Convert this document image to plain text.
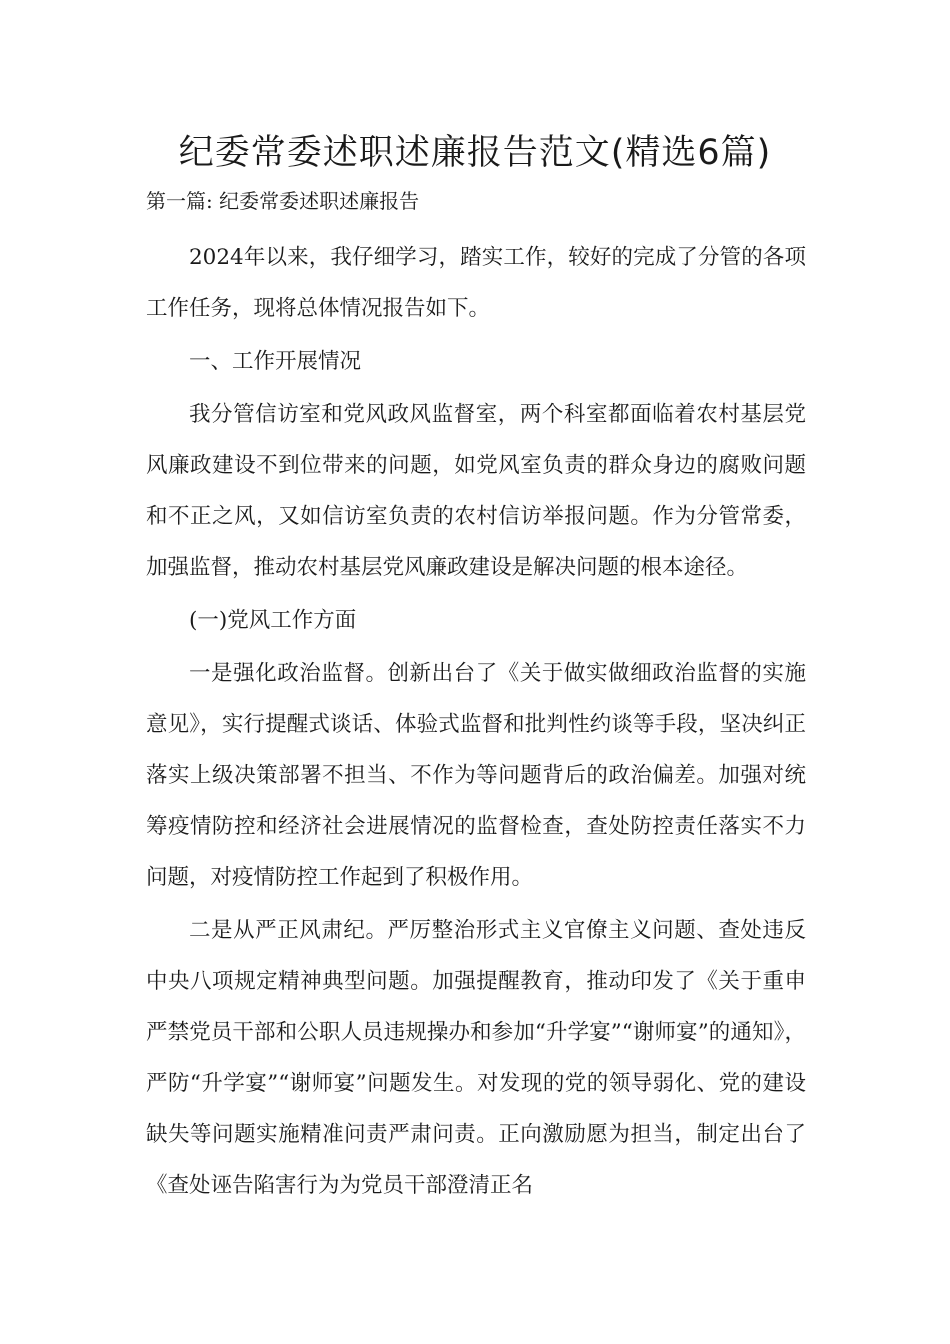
纪委常委述职述廉报告范文(精选6篇)
第一篇: 纪委常委述职述廉报告

2024年以来，我仔细学习，踏实工作，较好的完成了分管的各项工作任务，现将总体情况报告如下。

一、工作开展情况

我分管信访室和党风政风监督室，两个科室都面临着农村基层党风廉政建设不到位带来的问题，如党风室负责的群众身边的腐败问题和不正之风，又如信访室负责的农村信访举报问题。作为分管常委，加强监督，推动农村基层党风廉政建设是解决问题的根本途径。

(一)党风工作方面

一是强化政治监督。创新出台了《关于做实做细政治监督的实施意见》，实行提醒式谈话、体验式监督和批判性约谈等手段，坚决纠正落实上级决策部署不担当、不作为等问题背后的政治偏差。加强对统筹疫情防控和经济社会进展情况的监督检查，查处防控责任落实不力问题，对疫情防控工作起到了积极作用。

二是从严正风肃纪。严厉整治形式主义官僚主义问题、查处违反中央八项规定精神典型问题。加强提醒教育，推动印发了《关于重申严禁党员干部和公职人员违规操办和参加“升学宴”“谢师宴”的通知》，严防“升学宴”“谢师宴”问题发生。对发现的党的领导弱化、党的建设缺失等问题实施精准问责严肃问责。正向激励愿为担当，制定出台了《查处诬告陷害行为为党员干部澄清正名
